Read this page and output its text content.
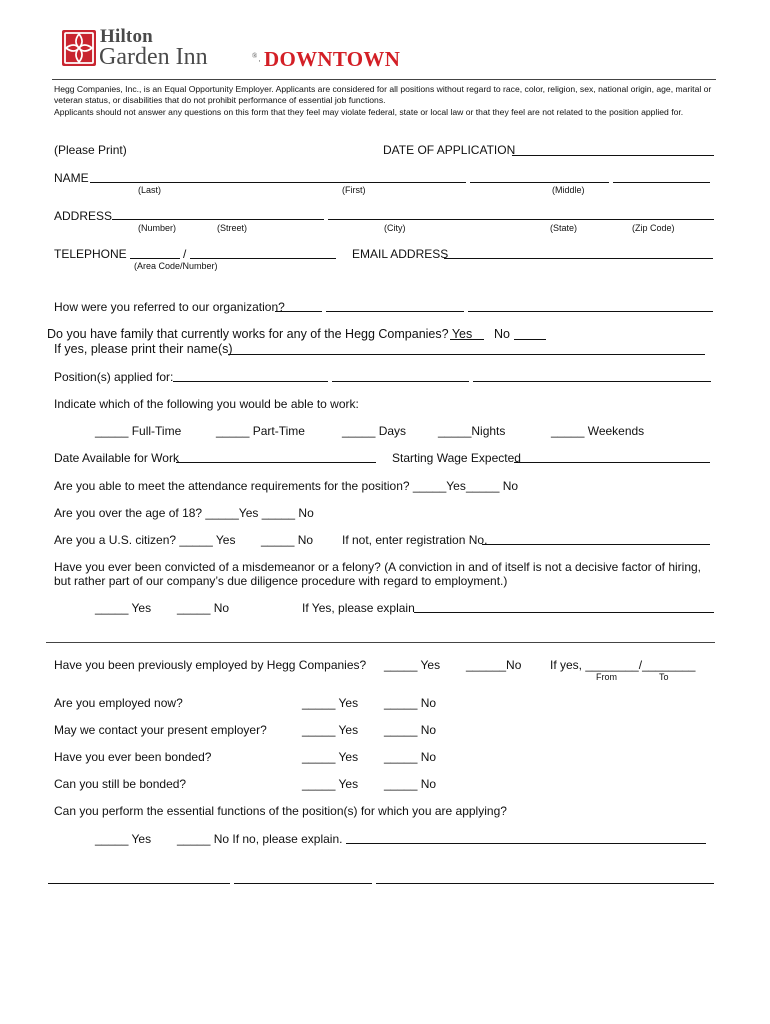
Hilton
Garden Inn	® · DOWNTOWN
Hegg Companies, Inc., is an Equal Opportunity Employer. Applicants are considered for all positions without regard to race, color, religion, sex, national origin, age, marital or veteran status, or disabilities that do not prohibit performance of essential job functions.
Applicants should not answer any questions on this form that they feel may violate federal, state or local law or that they feel are not related to the position applied for.
(Please Print)	DATE OF APPLICATION
NAME
(Last)	(First)	(Middle)
ADDRESS
(Number)	(Street)	(City)	(State)	(Zip Code)
TELEPHONE	/
(Area Code/Number)
EMAIL ADDRESS
How were you referred to our organization?
Do you have family that currently works for any of the Hegg Companies? Yes No
If yes, please print their name(s)
Position(s) applied for:
Indicate which of the following you would be able to work:
_____ Full-Time	_____ Part-Time	_____ Days	_____Nights	_____ Weekends
Date Available for Work	Starting Wage Expected
Are you able to meet the attendance requirements for the position? _____Yes _____ No
Are you over the age of 18? _____Yes _____ No
Are you a U.S. citizen? _____ Yes _____ No If not, enter registration No.
Have you ever been convicted of a misdemeanor or a felony? (A conviction in and of itself is not a decisive factor of hiring, but rather part of our company’s due diligence procedure with regard to employment.)
_____ Yes _____ No	If Yes, please explain
Have you been previously employed by Hegg Companies? _____ Yes ______No If yes, ________/________
From	To
Are you employed now?	_____ Yes _____ No
May we contact your present employer?	_____ Yes _____ No
Have you ever been bonded?	_____ Yes _____ No
Can you still be bonded?	_____ Yes _____ No
Can you perform the essential functions of the position(s) for which you are applying?
_____ Yes _____ No If no, please explain.
